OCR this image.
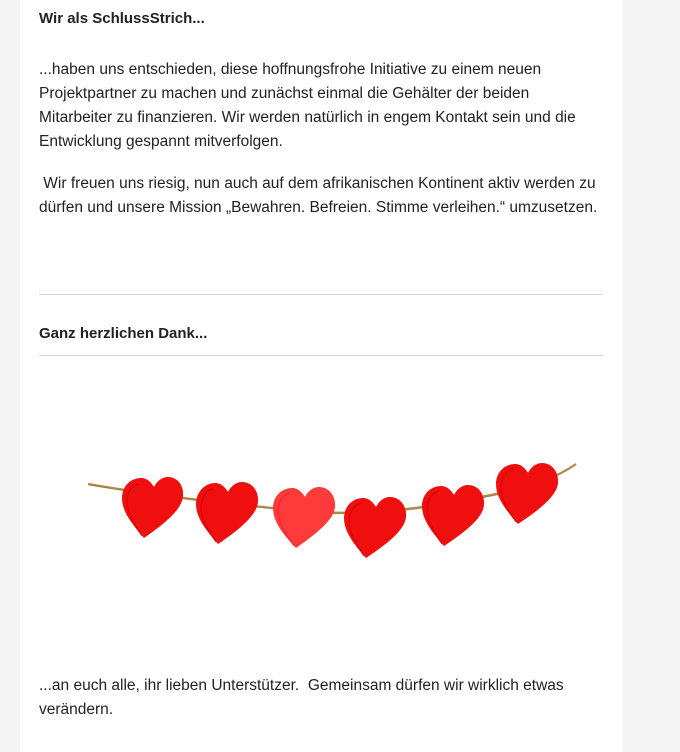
Wir als SchlussStrich...

...haben uns entschieden, diese hoffnungsfrohe Initiative zu einem neuen Projektpartner zu machen und zunächst einmal die Gehälter der beiden Mitarbeiter zu finanzieren. Wir werden natürlich in engem Kontakt sein und die Entwicklung gespannt mitverfolgen.

Wir freuen uns riesig, nun auch auf dem afrikanischen Kontinent aktiv werden zu dürfen und unsere Mission „Bewahren. Befreien. Stimme verleihen.“ umzusetzen.

Ganz herzlichen Dank...

...an euch alle, ihr lieben Unterstützer.  Gemeinsam dürfen wir wirklich etwas verändern.
